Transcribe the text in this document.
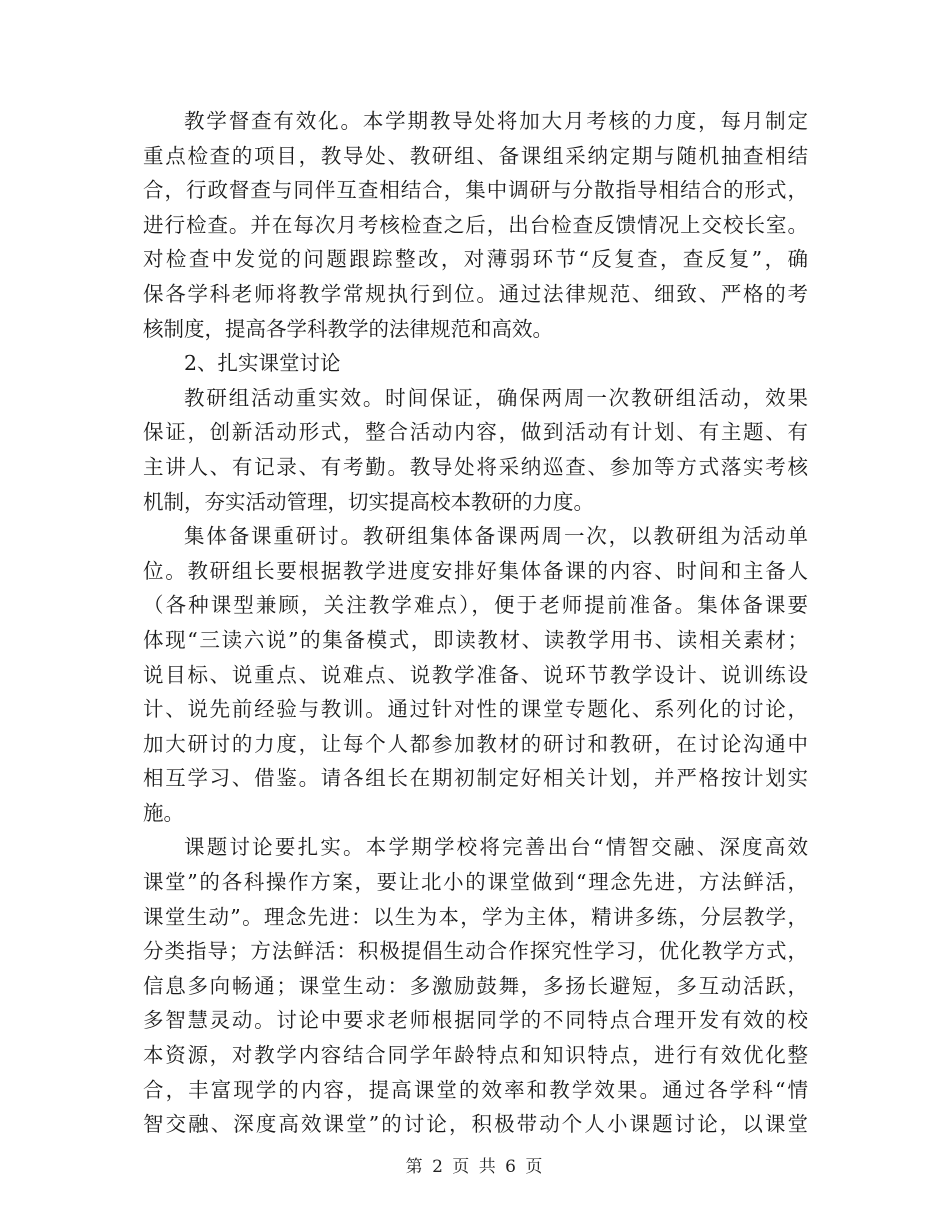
教学督查有效化。本学期教导处将加大月考核的力度，每月制定
重点检查的项目，教导处、教研组、备课组采纳定期与随机抽查相结
合，行政督查与同伴互查相结合，集中调研与分散指导相结合的形式，
进行检查。并在每次月考核检查之后，出台检查反馈情况上交校长室。
对检查中发觉的问题跟踪整改，对薄弱环节“反复查，查反复”，确
保各学科老师将教学常规执行到位。通过法律规范、细致、严格的考
核制度，提高各学科教学的法律规范和高效。
2、扎实课堂讨论
教研组活动重实效。时间保证，确保两周一次教研组活动，效果
保证，创新活动形式，整合活动内容，做到活动有计划、有主题、有
主讲人、有记录、有考勤。教导处将采纳巡查、参加等方式落实考核
机制，夯实活动管理，切实提高校本教研的力度。
集体备课重研讨。教研组集体备课两周一次，以教研组为活动单
位。教研组长要根据教学进度安排好集体备课的内容、时间和主备人
（各种课型兼顾，关注教学难点），便于老师提前准备。集体备课要
体现“三读六说”的集备模式，即读教材、读教学用书、读相关素材；
说目标、说重点、说难点、说教学准备、说环节教学设计、说训练设
计、说先前经验与教训。通过针对性的课堂专题化、系列化的讨论，
加大研讨的力度，让每个人都参加教材的研讨和教研，在讨论沟通中
相互学习、借鉴。请各组长在期初制定好相关计划，并严格按计划实
施。
课题讨论要扎实。本学期学校将完善出台“情智交融、深度高效
课堂”的各科操作方案，要让北小的课堂做到“理念先进，方法鲜活，
课堂生动”。理念先进：以生为本，学为主体，精讲多练，分层教学，
分类指导；方法鲜活：积极提倡生动合作探究性学习，优化教学方式，
信息多向畅通；课堂生动：多激励鼓舞，多扬长避短，多互动活跃，
多智慧灵动。讨论中要求老师根据同学的不同特点合理开发有效的校
本资源，对教学内容结合同学年龄特点和知识特点，进行有效优化整
合，丰富现学的内容，提高课堂的效率和教学效果。通过各学科“情
智交融、深度高效课堂”的讨论，积极带动个人小课题讨论，以课堂
第 2 页 共 6 页
